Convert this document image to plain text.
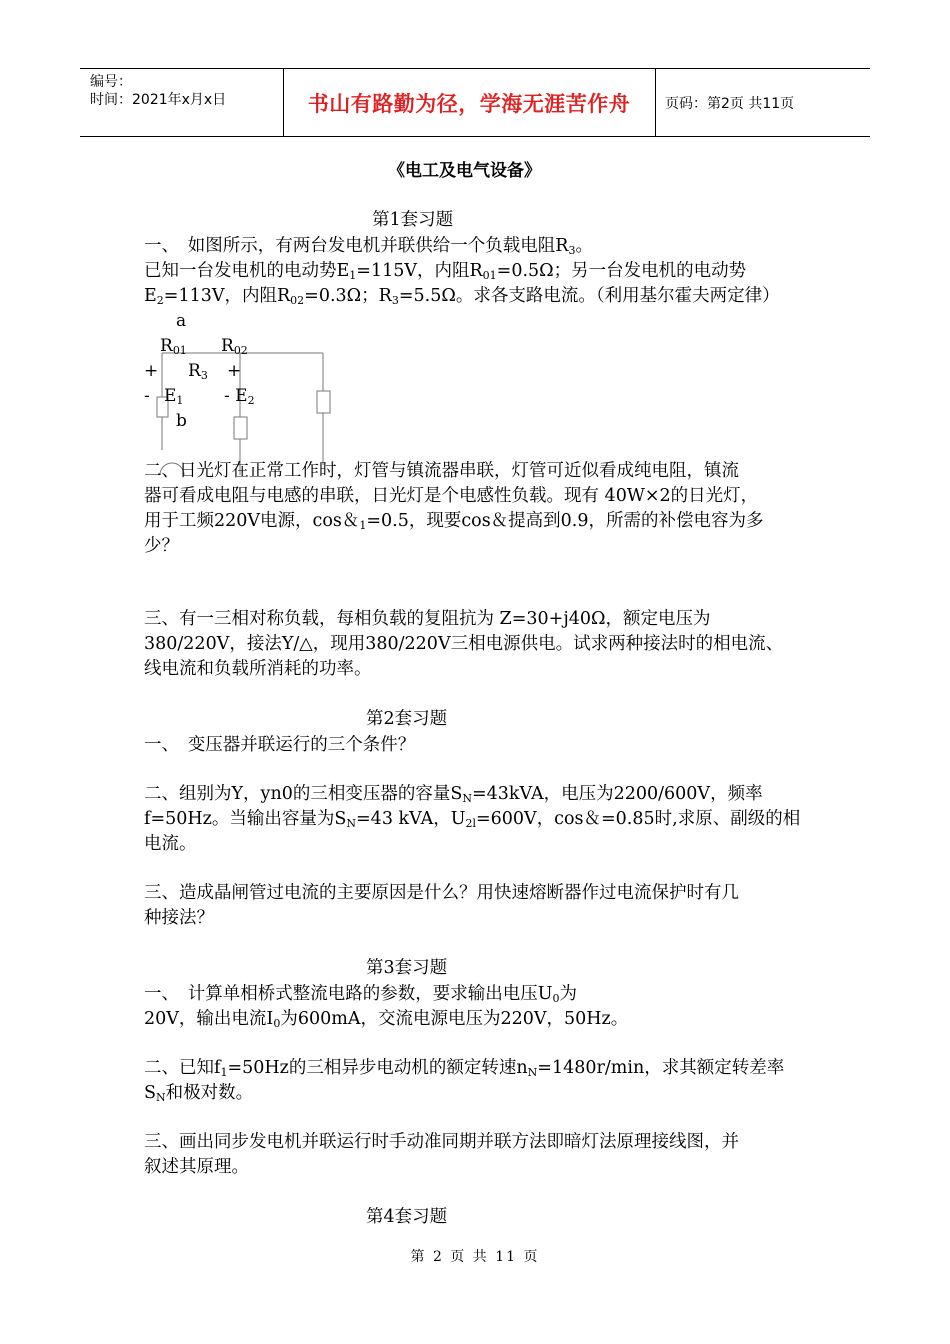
编号：
时间：2021年x月x日	书山有路勤为径，学海无涯苦作舟	页码：第2页 共11页
《电工及电气设备》
第1套习题
一、　如图所示，有两台发电机并联供给一个负载电阻$R_3$。
已知一台发电机的电动势$E_1=115V$，内阻$R_{01}=0.5\Omega$；另一台发电机的电动势
$E_2=113V$，内阻$R_{02}=0.3\Omega$；$R_3=5.5\Omega$。求各支路电流。（利用基尔霍夫两定律）
a
$R_{01}$ $R_{02}$
+ $R_3$ +
- $E_1 - E_2$
b
二、日光灯在正常工作时，灯管与镇流器串联，灯管可近似看成纯电阻，镇流
器可看成电阻与电感的串联，日光灯是个电感性负载。现有 40W×2的日光灯，
用于工频220V电源，cos＆$_1$=0.5，现要cos＆提高到0.9，所需的补偿电容为多
少？
三、有一三相对称负载，每相负载的复阻抗为 Z=30+j40Ω，额定电压为
380/220V，接法Y/△，现用380/220V三相电源供电。试求两种接法时的相电流、
线电流和负载所消耗的功率。
第2套习题
一、　变压器并联运行的三个条件？
二、组别为Y，yn0的三相变压器的容量$S_N=43kVA$，电压为2200/600V，频率
f=50Hz。当输出容量为$S_N=43$ kVA，$U_{2l}=600V$，cos＆=0.85时,求原、副级的相
电流。
三、造成晶闸管过电流的主要原因是什么？用快速熔断器作过电流保护时有几
种接法？
第3套习题
一、　计算单相桥式整流电路的参数，要求输出电压$U_0$为
20V，输出电流$I_0$为600mA，交流电源电压为220V，50Hz。
二、已知$f_1=50Hz$的三相异步电动机的额定转速$n_N=1480r/\min$，求其额定转差率
$S_N$和极对数。
三、画出同步发电机并联运行时手动准同期并联方法即暗灯法原理接线图，并
叙述其原理。
第4套习题
第 2 页 共 11 页
